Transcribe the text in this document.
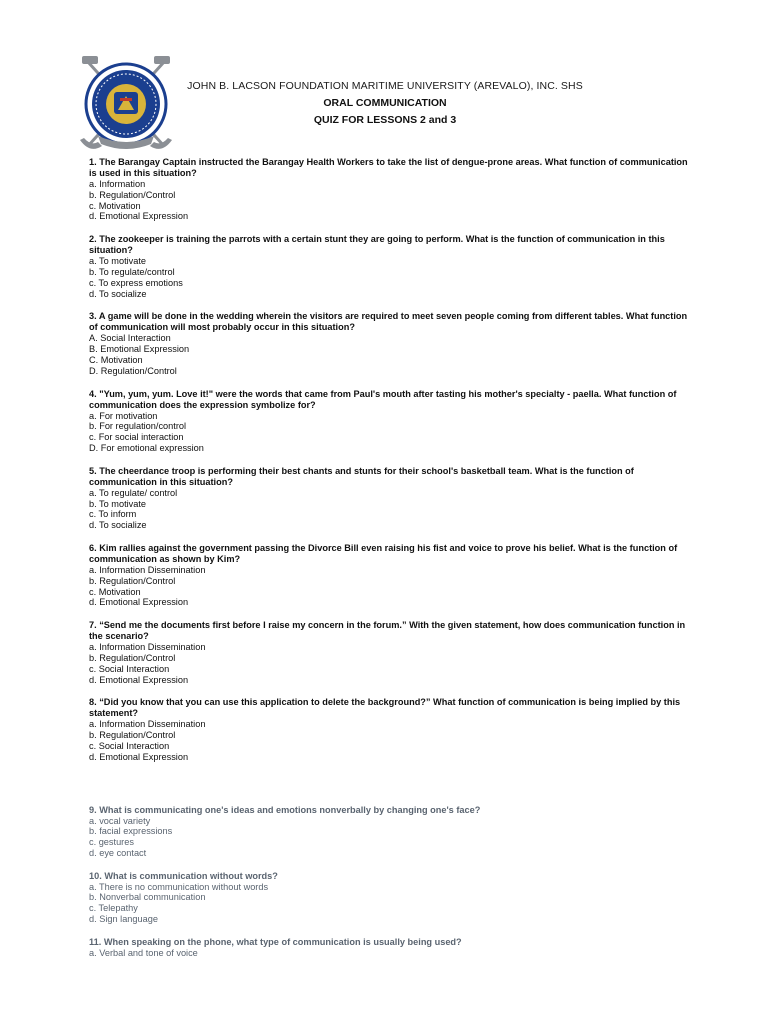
JOHN B. LACSON FOUNDATION MARITIME UNIVERSITY (AREVALO), INC. SHS
ORAL COMMUNICATION
QUIZ FOR LESSONS 2 and 3

1. The Barangay Captain instructed the Barangay Health Workers to take the list of dengue-prone areas. What function of communication is used in this situation?

a. Information

b. Regulation/Control

c. Motivation

d. Emotional Expression

2. The zookeeper is training the parrots with a certain stunt they are going to perform. What is the function of communication in this situation?

a. To motivate

b. To regulate/control

c. To express emotions

d. To socialize

3. A game will be done in the wedding wherein the visitors are required to meet seven people coming from different tables. What function of communication will most probably occur in this situation?

A. Social Interaction

B. Emotional Expression

C. Motivation

D. Regulation/Control

4. "Yum, yum, yum. Love it!" were the words that came from Paul's mouth after tasting his mother's specialty - paella. What function of communication does the expression symbolize for?

a. For motivation

b. For regulation/control

c. For social interaction

D. For emotional expression

5. The cheerdance troop is performing their best chants and stunts for their school's basketball team. What is the function of communication in this situation?

a. To regulate/ control

b. To motivate

c. To inform

d. To socialize

6. Kim rallies against the government passing the Divorce Bill even raising his fist and voice to prove his belief. What is the function of communication as shown by Kim?

a. Information Dissemination

b. Regulation/Control

c. Motivation

d. Emotional Expression

7. “Send me the documents first before I raise my concern in the forum.” With the given statement, how does communication function in the scenario?

a. Information Dissemination

b. Regulation/Control

c. Social Interaction

d. Emotional Expression

8. “Did you know that you can use this application to delete the background?” What function of communication is being implied by this statement?

a. Information Dissemination

b. Regulation/Control

c. Social Interaction

d. Emotional Expression

9. What is communicating one's ideas and emotions nonverbally by changing one's face?

a. vocal variety

b. facial expressions

c. gestures

d. eye contact

10. What is communication without words?

a. There is no communication without words

b. Nonverbal communication

c. Telepathy

d. Sign language

11. When speaking on the phone, what type of communication is usually being used?

a. Verbal and tone of voice
